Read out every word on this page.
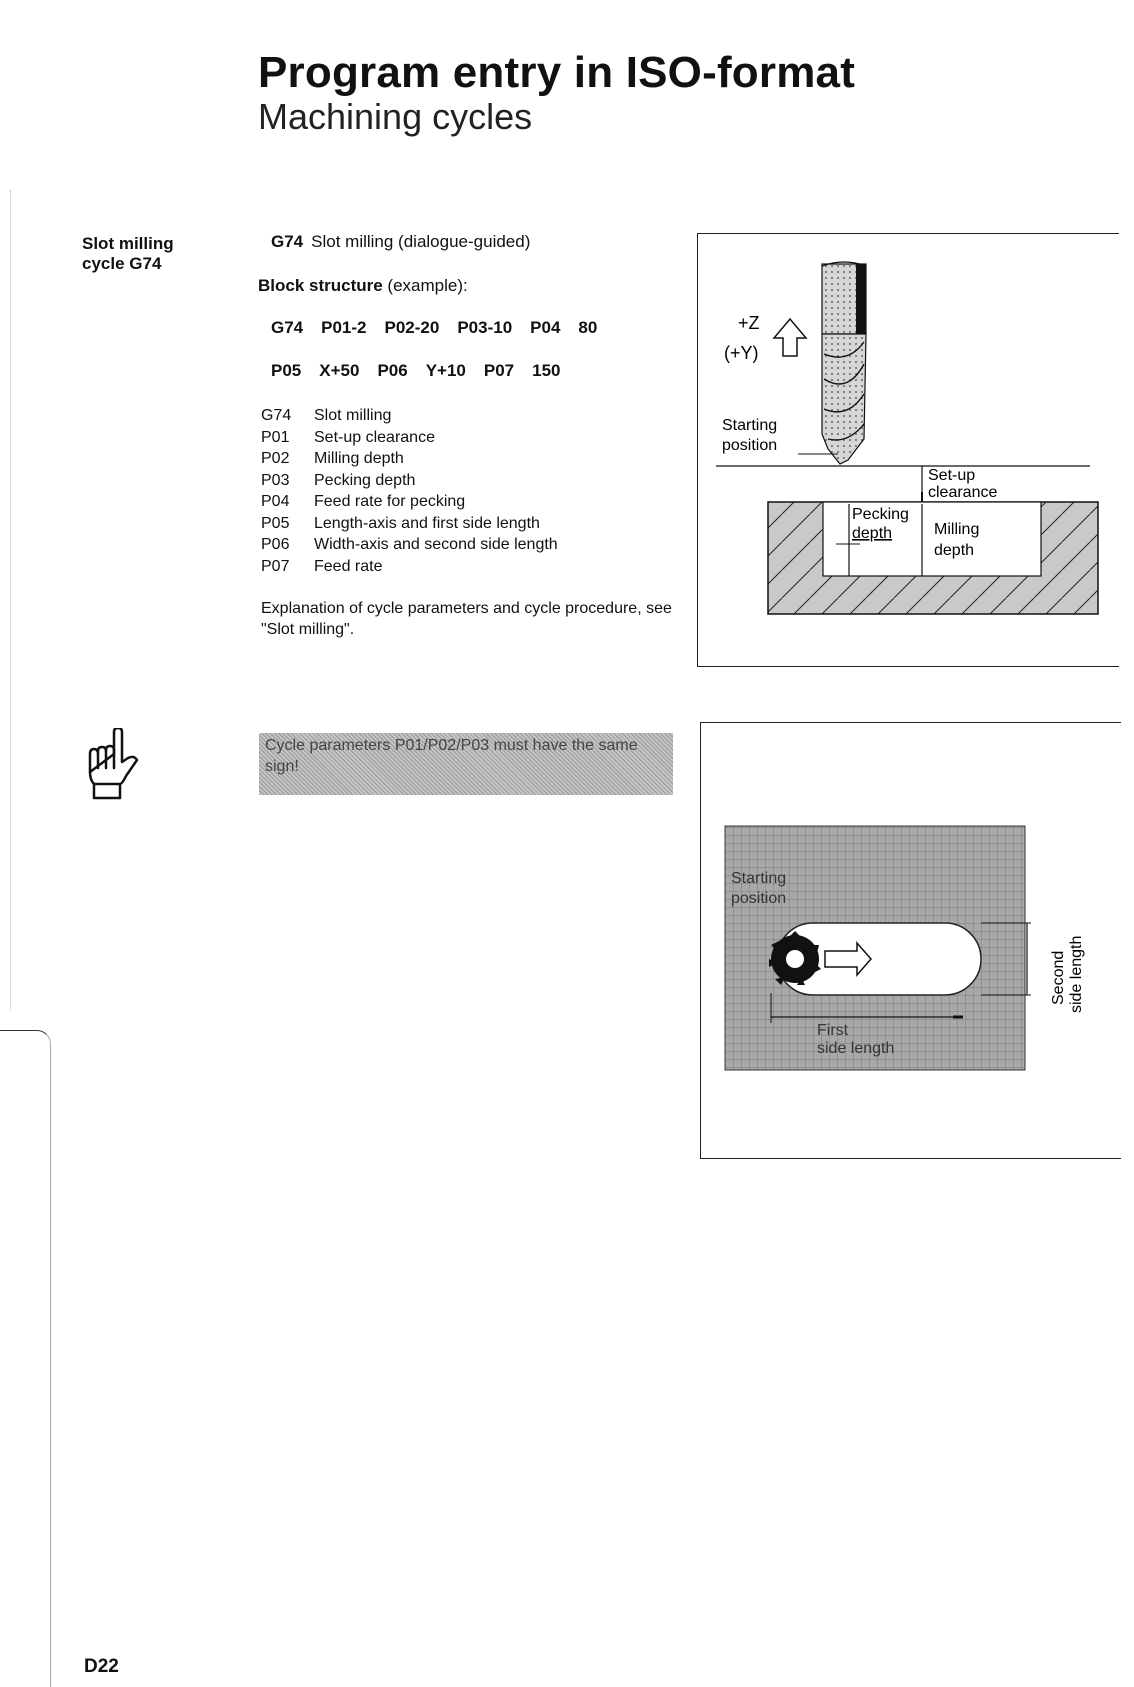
Program entry in ISO-format
Machining cycles
Slot milling
cycle G74
G74 Slot milling (dialogue-guided)
Block structure (example):
G74 P01-2 P02-20 P03-10 P04 80
P05 X+50 P06 Y+10 P07 150
G74	Slot milling
P01	Set-up clearance
P02	Milling depth
P03	Pecking depth
P04	Feed rate for pecking
P05	Length-axis and first side length
P06	Width-axis and second side length
P07	Feed rate
Explanation of cycle parameters and cycle procedure, see "Slot milling".
Cycle parameters P01/P02/P03 must have the same sign!
+Z
(+Y)
Starting
position
Set-up
clearance
Pecking
depth	Milling
depth
Starting
position
First
side length
Second side length
D22
